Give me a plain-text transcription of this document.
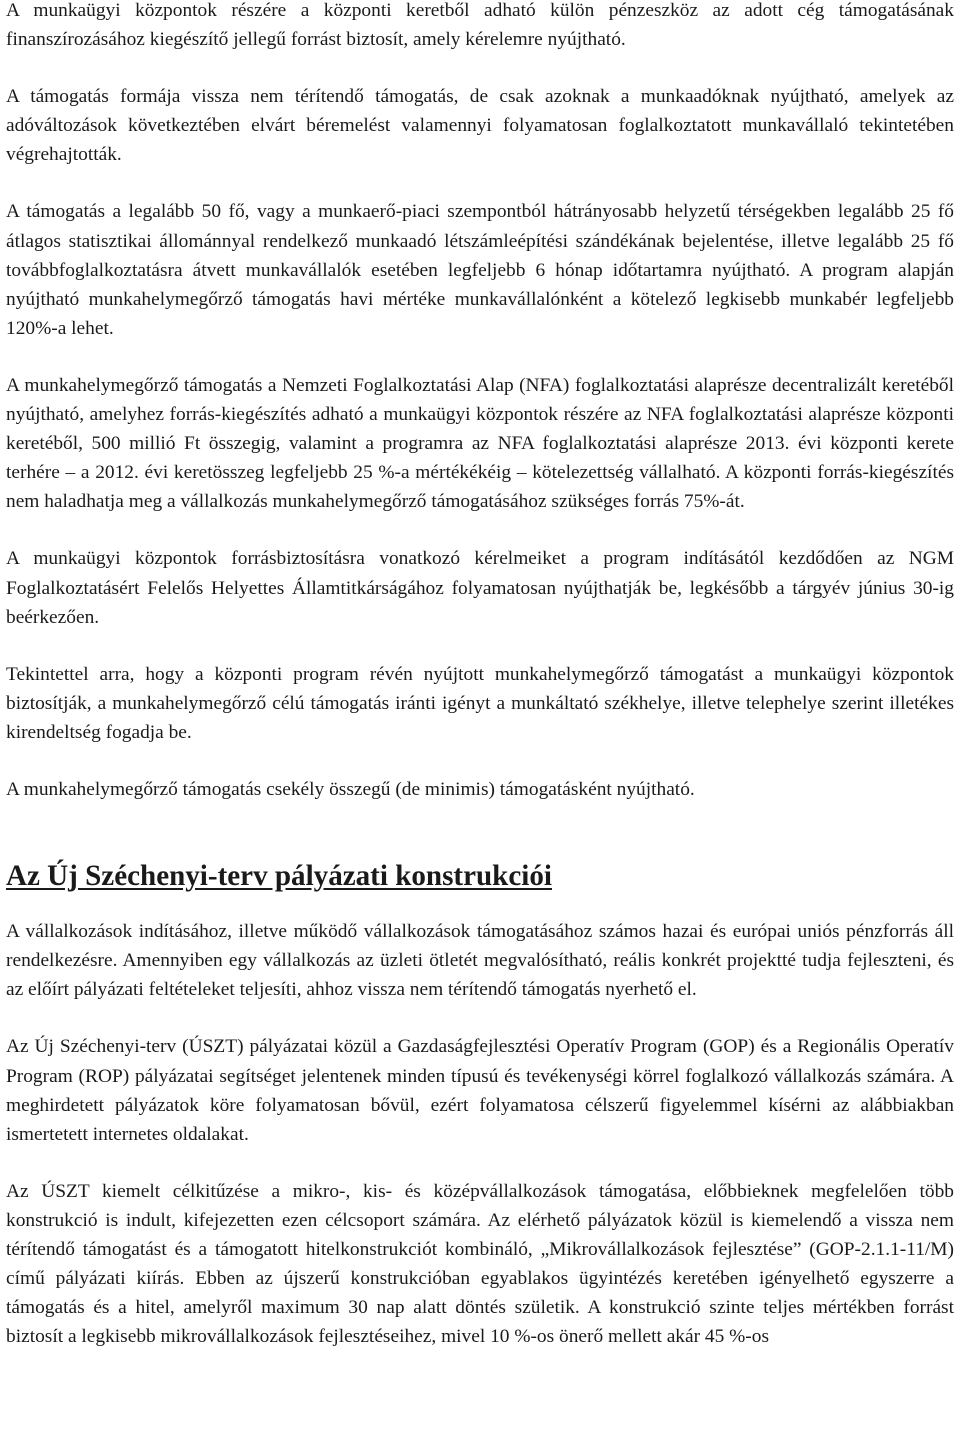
A munkaügyi központok részére a központi keretből adható külön pénzeszköz az adott cég támogatásának finanszírozásához kiegészítő jellegű forrást biztosít, amely kérelemre nyújtható.

A támogatás formája vissza nem térítendő támogatás, de csak azoknak a munkaadóknak nyújtható, amelyek az adóváltozások következtében elvárt béremelést valamennyi folyamatosan foglalkoztatott munkavállaló tekintetében végrehajtották.

A támogatás a legalább 50 fő, vagy a munkaerő-piaci szempontból hátrányosabb helyzetű térségekben legalább 25 fő átlagos statisztikai állománnyal rendelkező munkaadó létszámleépítési szándékának bejelentése, illetve legalább 25 fő továbbfoglalkoztatásra átvett munkavállalók esetében legfeljebb 6 hónap időtartamra nyújtható. A program alapján nyújtható munkahelymegőrző támogatás havi mértéke munkavállalónként a kötelező legkisebb munkabér legfeljebb 120%-a lehet.

A munkahelymegőrző támogatás a Nemzeti Foglalkoztatási Alap (NFA) foglalkoztatási alaprésze decentralizált keretéből nyújtható, amelyhez forrás-kiegészítés adható a munkaügyi központok részére az NFA foglalkoztatási alaprésze központi keretéből, 500 millió Ft összegig, valamint a programra az NFA foglalkoztatási alaprésze 2013. évi központi kerete terhére – a 2012. évi keretösszeg legfeljebb 25 %-a mértékékéig – kötelezettség vállalható. A központi forrás-kiegészítés nem haladhatja meg a vállalkozás munkahelymegőrző támogatásához szükséges forrás 75%-át.

A munkaügyi központok forrásbiztosításra vonatkozó kérelmeiket a program indításától kezdődően az NGM Foglalkoztatásért Felelős Helyettes Államtitkárságához folyamatosan nyújthatják be, legkésőbb a tárgyév június 30-ig beérkezően.

Tekintettel arra, hogy a központi program révén nyújtott munkahelymegőrző támogatást a munkaügyi központok biztosítják, a munkahelymegőrző célú támogatás iránti igényt a munkáltató székhelye, illetve telephelye szerint illetékes kirendeltség fogadja be.

A munkahelymegőrző támogatás csekély összegű (de minimis) támogatásként nyújtható.

Az Új Széchenyi-terv pályázati konstrukciói

A vállalkozások indításához, illetve működő vállalkozások támogatásához számos hazai és európai uniós pénzforrás áll rendelkezésre. Amennyiben egy vállalkozás az üzleti ötletét megvalósítható, reális konkrét projektté tudja fejleszteni, és az előírt pályázati feltételeket teljesíti, ahhoz vissza nem térítendő támogatás nyerhető el.

Az Új Széchenyi-terv (ÚSZT) pályázatai közül a Gazdaságfejlesztési Operatív Program (GOP) és a Regionális Operatív Program (ROP) pályázatai segítséget jelentenek minden típusú és tevékenységi körrel foglalkozó vállalkozás számára. A meghirdetett pályázatok köre folyamatosan bővül, ezért folyamatosa célszerű figyelemmel kísérni az alábbiakban ismertetett internetes oldalakat.

Az ÚSZT kiemelt célkitűzése a mikro-, kis- és középvállalkozások támogatása, előbbieknek megfelelően több konstrukció is indult, kifejezetten ezen célcsoport számára. Az elérhető pályázatok közül is kiemelendő a vissza nem térítendő támogatást és a támogatott hitelkonstrukciót kombináló, „Mikrovállalkozások fejlesztése” (GOP-2.1.1-11/M) című pályázati kiírás. Ebben az újszerű konstrukcióban egyablakos ügyintézés keretében igényelhető egyszerre a támogatás és a hitel, amelyről maximum 30 nap alatt döntés születik. A konstrukció szinte teljes mértékben forrást biztosít a legkisebb mikrovállalkozások fejlesztéseihez, mivel 10 %-os önerő mellett akár 45 %-os
